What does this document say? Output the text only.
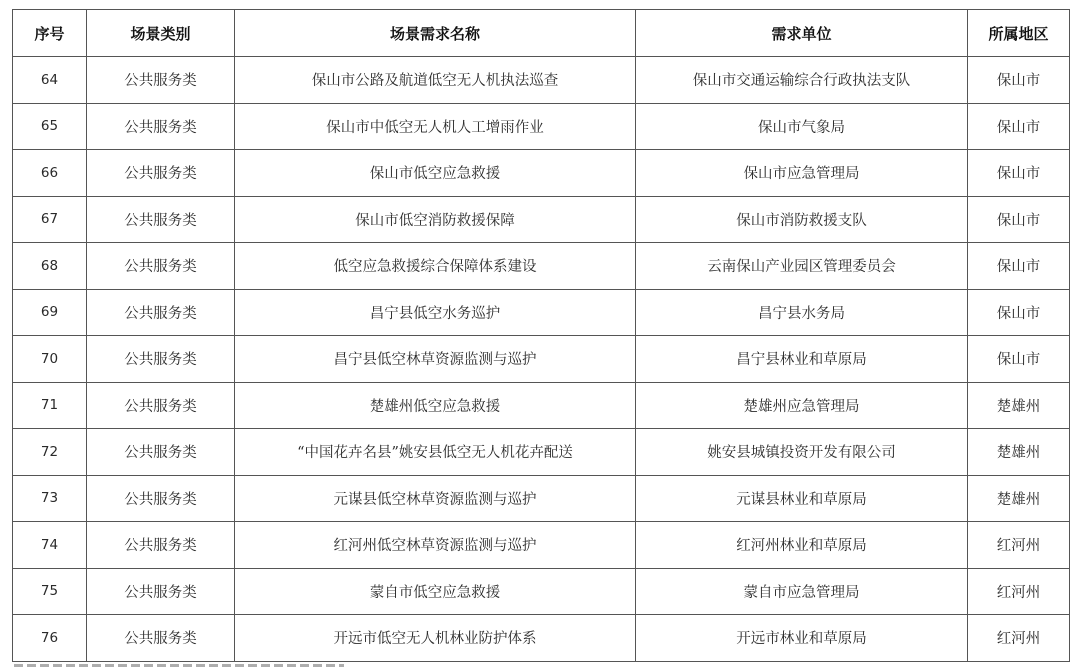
序号	场景类别	场景需求名称	需求单位	所属地区
64	公共服务类	保山市公路及航道低空无人机执法巡查	保山市交通运输综合行政执法支队	保山市
65	公共服务类	保山市中低空无人机人工增雨作业	保山市气象局	保山市
66	公共服务类	保山市低空应急救援	保山市应急管理局	保山市
67	公共服务类	保山市低空消防救援保障	保山市消防救援支队	保山市
68	公共服务类	低空应急救援综合保障体系建设	云南保山产业园区管理委员会	保山市
69	公共服务类	昌宁县低空水务巡护	昌宁县水务局	保山市
70	公共服务类	昌宁县低空林草资源监测与巡护	昌宁县林业和草原局	保山市
71	公共服务类	楚雄州低空应急救援	楚雄州应急管理局	楚雄州
72	公共服务类	“中国花卉名县”姚安县低空无人机花卉配送	姚安县城镇投资开发有限公司	楚雄州
73	公共服务类	元谋县低空林草资源监测与巡护	元谋县林业和草原局	楚雄州
74	公共服务类	红河州低空林草资源监测与巡护	红河州林业和草原局	红河州
75	公共服务类	蒙自市低空应急救援	蒙自市应急管理局	红河州
76	公共服务类	开远市低空无人机林业防护体系	开远市林业和草原局	红河州
